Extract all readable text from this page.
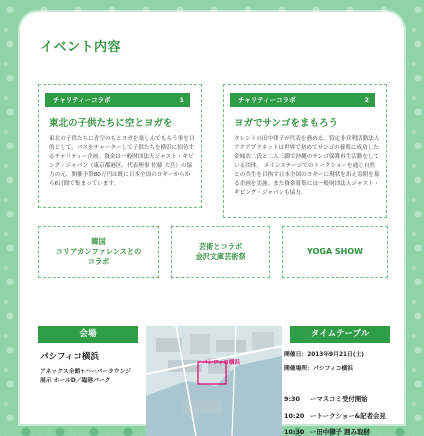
イベント内容
チャリティーコラボ	1
東北の子供たちに空とヨガを

東北の子供たちに青空のもとヨガを楽しんでもらう事を目的として、バスをチャーターして子供たちを横浜に招待するチャリティー企画。資金は一般財団法人ジャスト・ギビング・ジャパン（東京都港区、代表理事 佐藤 大吾）の協力の元、開催予算80万円は既に日本全国のヨギーからから6日間で集まっています。

チャリティーコラボ	2
ヨガでサンゴをまもろう

タレントの田中律子が代表を務める、特定非営利活動法人アクアプラネットは世界で初めてサンゴの養殖に成功した金城浩二氏と二人三脚で沖縄のサンゴ保護再生活動をしている団体。 メインステージでのトークショーを通じ自然との共生を目指す日本全国のヨギーに現状を訴え寄附を募る企画を実施。また資金募集には一般財団法人ジャスト・ギビング・ジャパンも協力。

韓国
コリアカンファレンスとの
コラボ
芸術とコラボ
金沢文庫芸術祭
YOGA SHOW
会場

パシフィコ横浜

アネックス全館+ハーバーラウンジ
展示 ホールD／臨港パーク

パシフィコ横浜
タイムテーブル

開催日：2013年9月21日(土)

開催場所：パシフィコ横浜

9:30 ーマスコミ受付開始
10:20 ートークショー&記者会見
10:30 ー田中律子 囲み取材
